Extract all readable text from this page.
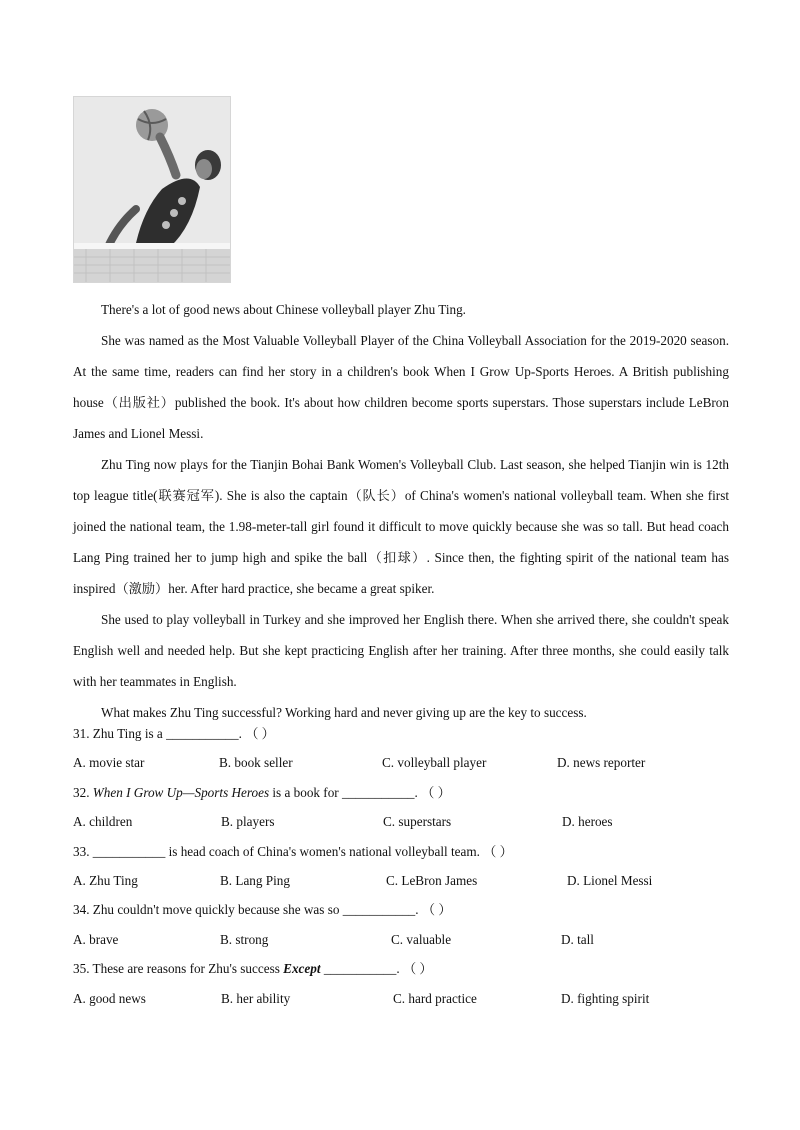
There's a lot of good news about Chinese volleyball player Zhu Ting.

She was named as the Most Valuable Volleyball Player of the China Volleyball Association for the 2019-2020 season. At the same time, readers can find her story in a children's book When I Grow Up-Sports Heroes. A British publishing house（出版社）published the book. It's about how children become sports superstars. Those superstars include LeBron James and Lionel Messi.

Zhu Ting now plays for the Tianjin Bohai Bank Women's Volleyball Club. Last season, she helped Tianjin win is 12th top league title(联赛冠军). She is also the captain（队长）of China's women's national volleyball team. When she first joined the national team, the 1.98-meter-tall girl found it difficult to move quickly because she was so tall. But head coach Lang Ping trained her to jump high and spike the ball（扣球）. Since then, the fighting spirit of the national team has inspired（激励）her. After hard practice, she became a great spiker.

She used to play volleyball in Turkey and she improved her English there. When she arrived there, she couldn't speak English well and needed help. But she kept practicing English after her training. After three months, she could easily talk with her teammates in English.

What makes Zhu Ting successful? Working hard and never giving up are the key to success.

31. Zhu Ting is a ___________. （ ）
A. movie star	B. book seller	C. volleyball player	D. news reporter
32. When I Grow Up—Sports Heroes is a book for ___________. （ ）
A. children	B. players	C. superstars	D. heroes
33. ___________ is head coach of China's women's national volleyball team. （ ）
A. Zhu Ting	B. Lang Ping	C. LeBron James	D. Lionel Messi
34. Zhu couldn't move quickly because she was so ___________. （ ）
A. brave	B. strong	C. valuable	D. tall
35. These are reasons for Zhu's success Except ___________. （ ）
A. good news	B. her ability	C. hard practice	D. fighting spirit
